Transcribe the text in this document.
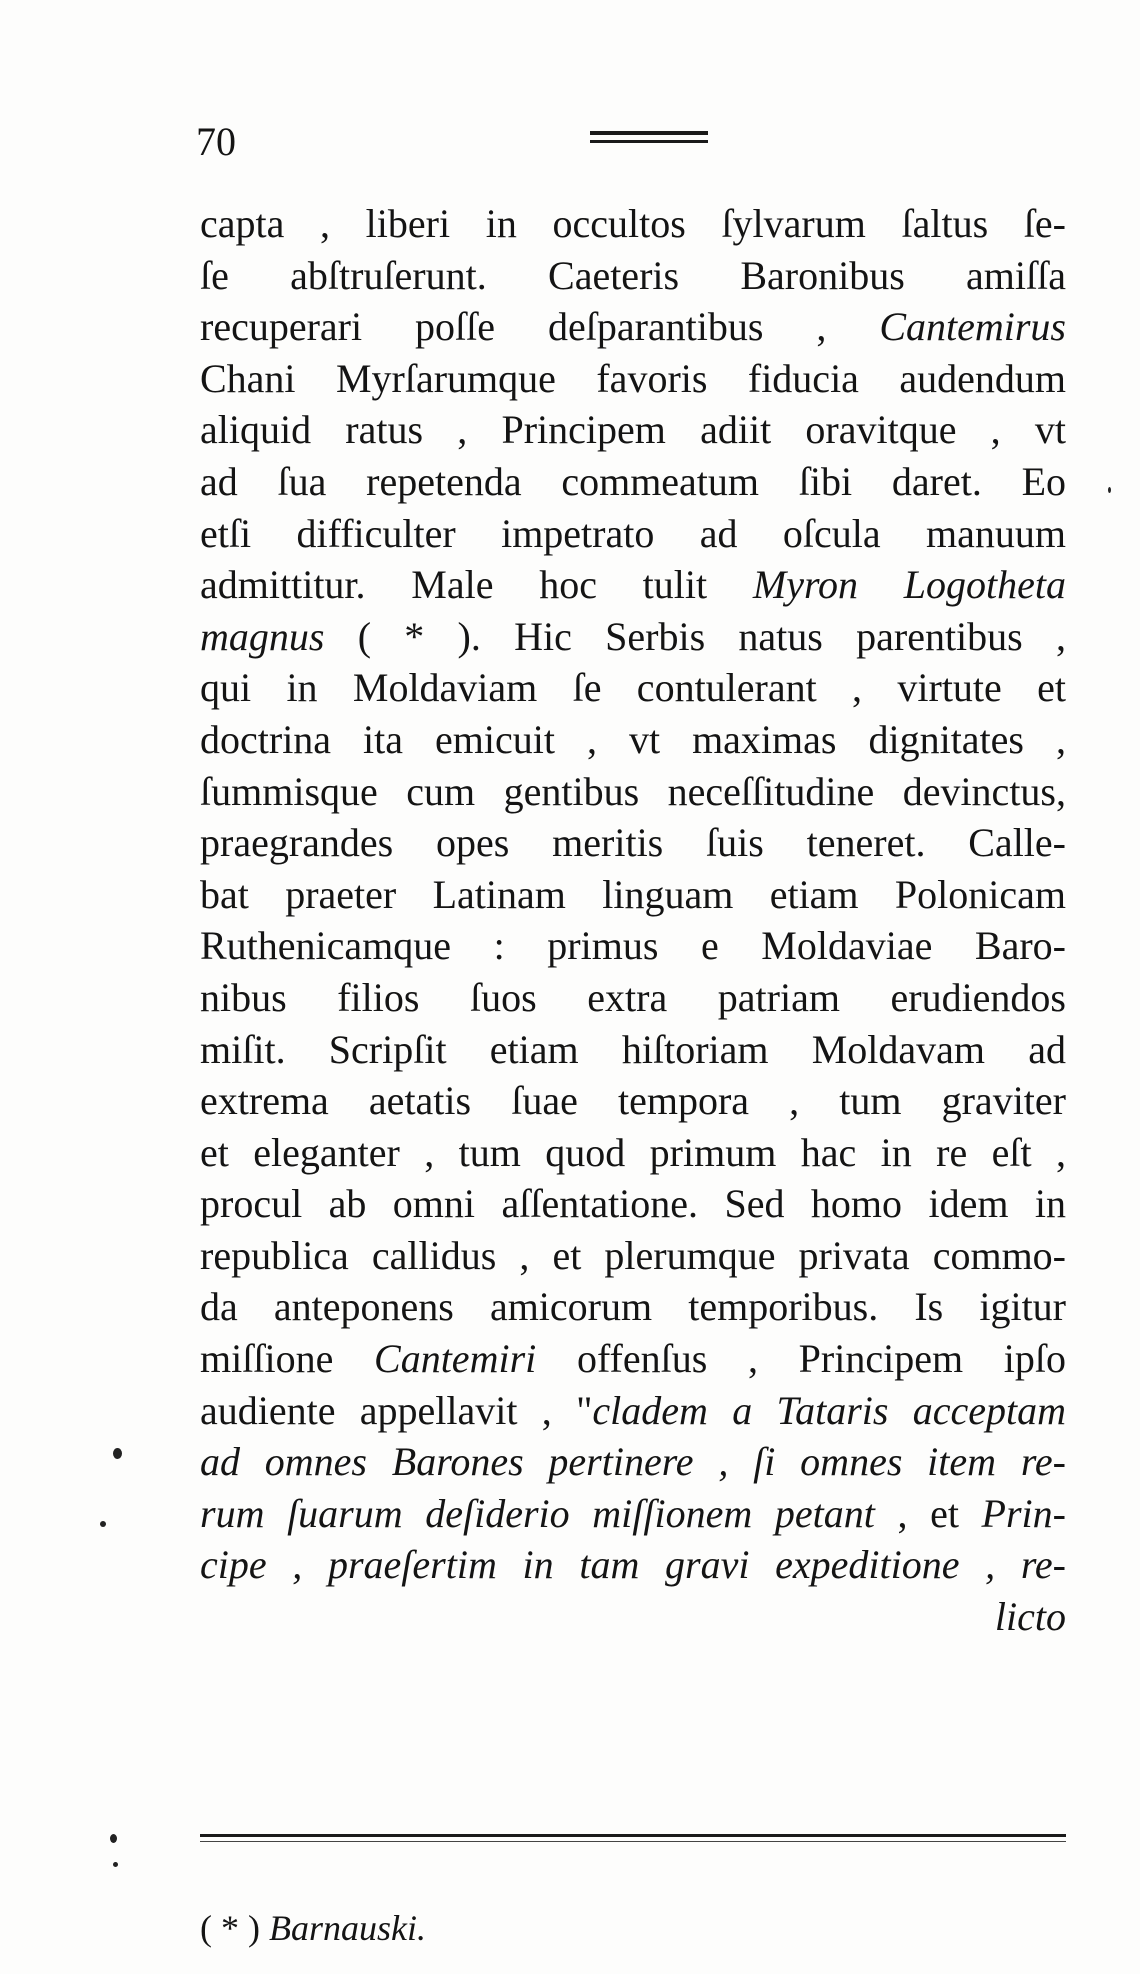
70
capta , liberi in occultos ſylvarum ſaltus ſe-
ſe abſtruſerunt. Caeteris Baronibus amiſſa
recuperari poſſe deſparantibus , Cantemirus
Chani Myrſarumque favoris fiducia audendum
aliquid ratus , Principem adiit oravitque , vt
ad ſua repetenda commeatum ſibi daret. Eo
etſi difficulter impetrato ad oſcula manuum
admittitur. Male hoc tulit Myron Logotheta
magnus ( * ). Hic Serbis natus parentibus ,
qui in Moldaviam ſe contulerant , virtute et
doctrina ita emicuit , vt maximas dignitates ,
ſummisque cum gentibus neceſſitudine devinctus,
praegrandes opes meritis ſuis teneret. Calle-
bat praeter Latinam linguam etiam Polonicam
Ruthenicamque : primus e Moldaviae Baro-
nibus filios ſuos extra patriam erudiendos
miſit. Scripſit etiam hiſtoriam Moldavam ad
extrema aetatis ſuae tempora , tum graviter
et eleganter , tum quod primum hac in re eſt ,
procul ab omni aſſentatione. Sed homo idem in
republica callidus , et plerumque privata commo-
da anteponens amicorum temporibus. Is igitur
miſſione Cantemiri offenſus , Principem ipſo
audiente appellavit , "cladem a Tataris acceptam
ad omnes Barones pertinere , ſi omnes item re-
rum ſuarum deſiderio miſſionem petant , et Prin-
cipe , praeſertim in tam gravi expeditione , re-
licto
( * ) Barnauski.
